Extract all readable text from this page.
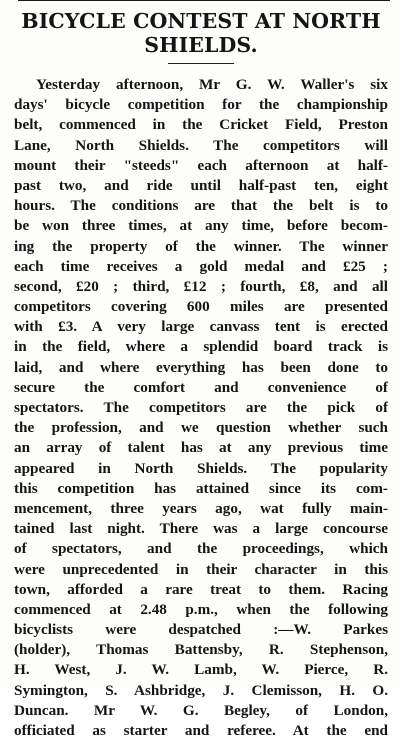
BICYCLE CONTEST AT NORTH
SHIELDS.
Yesterday afternoon, Mr G. W. Waller's six
days' bicycle competition for the championship
belt, commenced in the Cricket Field, Preston
Lane, North Shields. The competitors will
mount their "steeds" each afternoon at half-
past two, and ride until half-past ten, eight
hours. The conditions are that the belt is to
be won three times, at any time, before becom-
ing the property of the winner. The winner
each time receives a gold medal and £25 ;
second, £20 ; third, £12 ; fourth, £8, and all
competitors covering 600 miles are presented
with £3. A very large canvass tent is erected
in the field, where a splendid board track is
laid, and where everything has been done to
secure the comfort and convenience of
spectators. The competitors are the pick of
the profession, and we question whether such
an array of talent has at any previous time
appeared in North Shields. The popularity
this competition has attained since its com-
mencement, three years ago, wat fully main-
tained last night. There was a large concourse
of spectators, and the proceedings, which
were unprecedented in their character in this
town, afforded a rare treat to them. Racing
commenced at 2.48 p.m., when the following
bicyclists were despatched :—W. Parkes
(holder), Thomas Battensby, R. Stephenson,
H. West, J. W. Lamb, W. Pierce, R.
Symington, S. Ashbridge, J. Clemisson, H. O.
Duncan. Mr W. G. Begley, of London,
officiated as starter and referee. At the end
